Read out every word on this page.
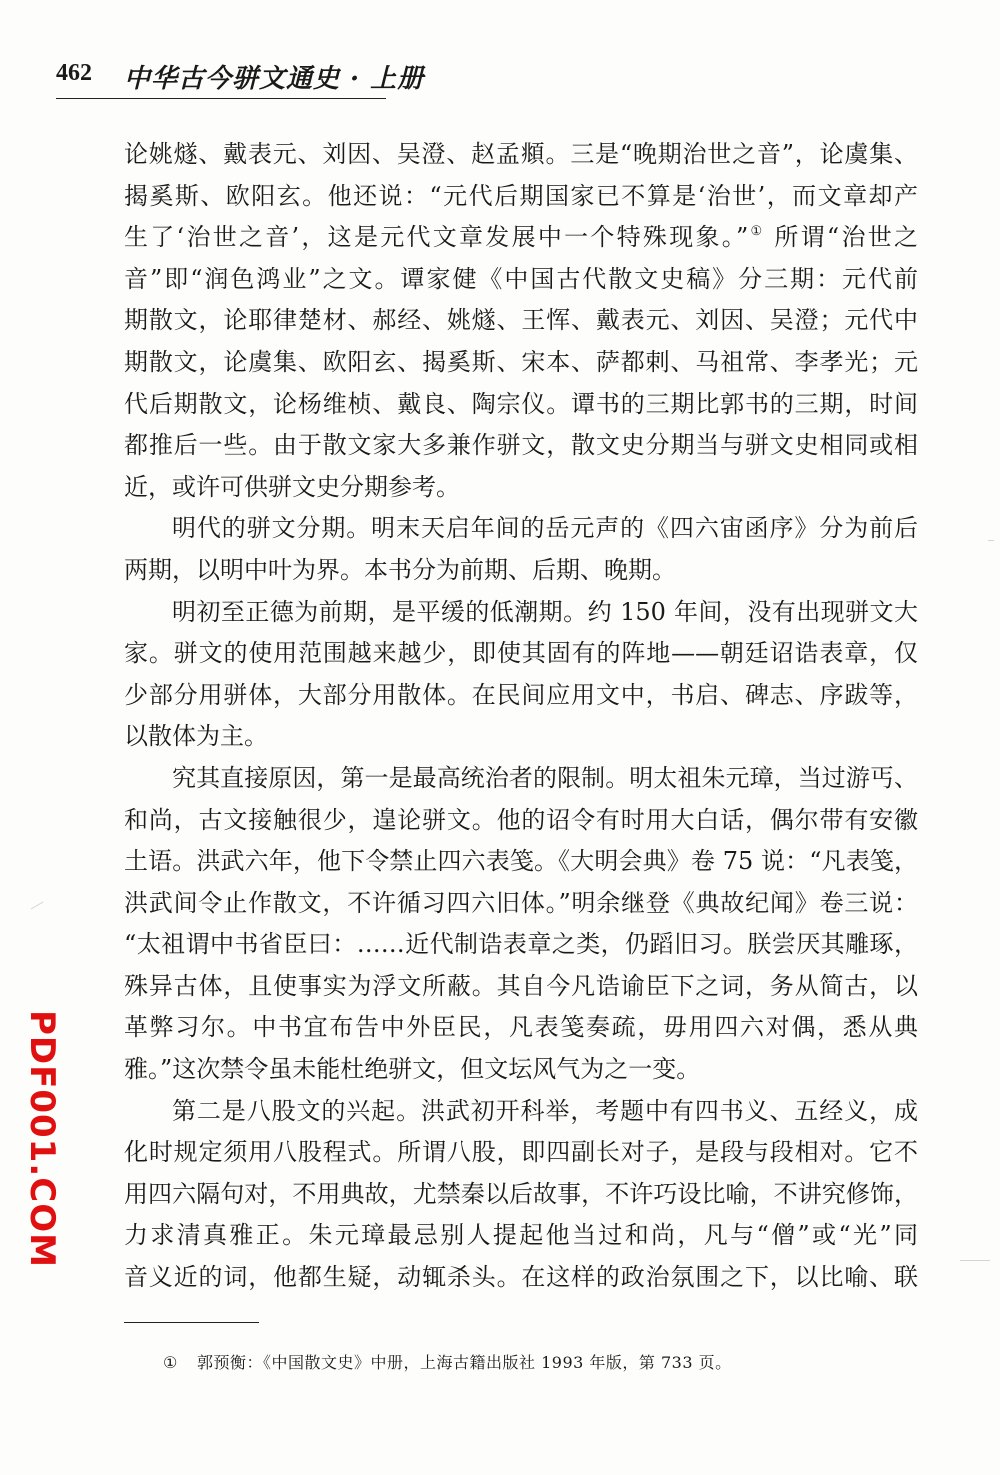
462 中华古今骈文通史 · 上册
论姚燧、戴表元、刘因、吴澄、赵孟頫。三是“晚期治世之音”，论虞集、
揭奚斯、欧阳玄。他还说：“元代后期国家已不算是‘治世’，而文章却产
生了‘治世之音’，这是元代文章发展中一个特殊现象。”① 所谓“治世之
音”即“润色鸿业”之文。谭家健《中国古代散文史稿》分三期：元代前
期散文，论耶律楚材、郝经、姚燧、王恽、戴表元、刘因、吴澄；元代中
期散文，论虞集、欧阳玄、揭奚斯、宋本、萨都剌、马祖常、李孝光；元
代后期散文，论杨维桢、戴良、陶宗仪。谭书的三期比郭书的三期，时间
都推后一些。由于散文家大多兼作骈文，散文史分期当与骈文史相同或相
近，或许可供骈文史分期参考。
明代的骈文分期。明末天启年间的岳元声的《四六宙函序》分为前后
两期，以明中叶为界。本书分为前期、后期、晚期。
明初至正德为前期，是平缓的低潮期。约 150 年间，没有出现骈文大
家。骈文的使用范围越来越少，即使其固有的阵地——朝廷诏诰表章，仅
少部分用骈体，大部分用散体。在民间应用文中，书启、碑志、序跋等，
以散体为主。
究其直接原因，第一是最高统治者的限制。明太祖朱元璋，当过游丐、
和尚，古文接触很少，遑论骈文。他的诏令有时用大白话，偶尔带有安徽
土语。洪武六年，他下令禁止四六表笺。《大明会典》卷 75 说：“凡表笺，
洪武间令止作散文，不许循习四六旧体。”明余继登《典故纪闻》卷三说：
“太祖谓中书省臣曰：……近代制诰表章之类，仍蹈旧习。朕尝厌其雕琢，
殊异古体，且使事实为浮文所蔽。其自今凡诰谕臣下之词，务从简古，以
革弊习尔。中书宜布告中外臣民，凡表笺奏疏，毋用四六对偶，悉从典
雅。”这次禁令虽未能杜绝骈文，但文坛风气为之一变。
第二是八股文的兴起。洪武初开科举，考题中有四书义、五经义，成
化时规定须用八股程式。所谓八股，即四副长对子，是段与段相对。它不
用四六隔句对，不用典故，尤禁秦以后故事，不许巧设比喻，不讲究修饰，
力求清真雅正。朱元璋最忌别人提起他当过和尚，凡与“僧”或“光”同
音义近的词，他都生疑，动辄杀头。在这样的政治氛围之下，以比喻、联
① 郭预衡：《中国散文史》中册，上海古籍出版社 1993 年版，第 733 页。
PDF001.COM
